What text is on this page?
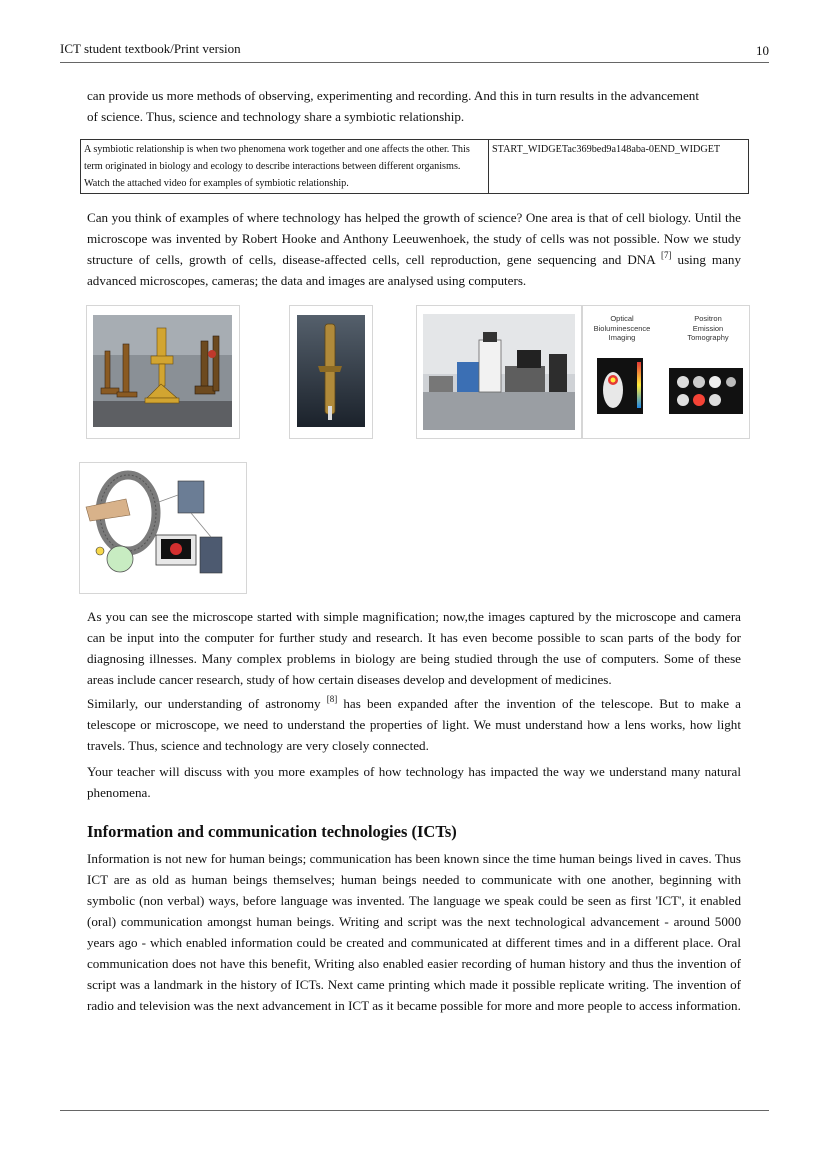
ICT student textbook/Print version	10

can provide us more methods of observing, experimenting and recording. And this in turn results in the advancement

of science. Thus, science and technology share a symbiotic relationship.

A symbiotic relationship is when two phenomena work together and one affects the other. This term originated in biology and ecology to describe interactions between different organisms. Watch the attached video for examples of symbiotic relationship.	START_WIDGETac369bed9a148aba-0END_WIDGET
Can you think of examples of where technology has helped the growth of science? One area is that of cell biology. Until the microscope was invented by Robert Hooke and Anthony Leeuwenhoek, the study of cells was not possible. Now we study structure of cells, growth of cells, disease-affected cells, cell reproduction, gene sequencing and DNA [7] using many advanced microscopes, cameras; the data and images are analysed using computers.
Optical
Bioluminescence
Imaging
Positron
Emission
Tomography
As you can see the microscope started with simple magnification; now,the images captured by the microscope and camera can be input into the computer for further study and research. It has even become possible to scan parts of the body for diagnosing illnesses. Many complex problems in biology are being studied through the use of computers. Some of these areas include cancer research, study of how certain diseases develop and development of medicines.
Similarly, our understanding of astronomy [8] has been expanded after the invention of the telescope. But to make a telescope or microscope, we need to understand the properties of light. We must understand how a lens works, how light travels. Thus, science and technology are very closely connected.
Your teacher will discuss with you more examples of how technology has impacted the way we understand many natural phenomena.
Information and communication technologies (ICTs)
Information is not new for human beings; communication has been known since the time human beings lived in caves. Thus ICT are as old as human beings themselves; human beings needed to communicate with one another, beginning with symbolic (non verbal) ways, before language was invented. The language we speak could be seen as first 'ICT', it enabled (oral) communication amongst human beings. Writing and script was the next technological advancement - around 5000 years ago - which enabled information could be created and communicated at different times and in a different place. Oral communication does not have this benefit, Writing also enabled easier recording of human history and thus the invention of script was a landmark in the history of ICTs. Next came printing which made it possible replicate writing. The invention of radio and television was the next advancement in ICT as it became possible for more and more people to access information.
